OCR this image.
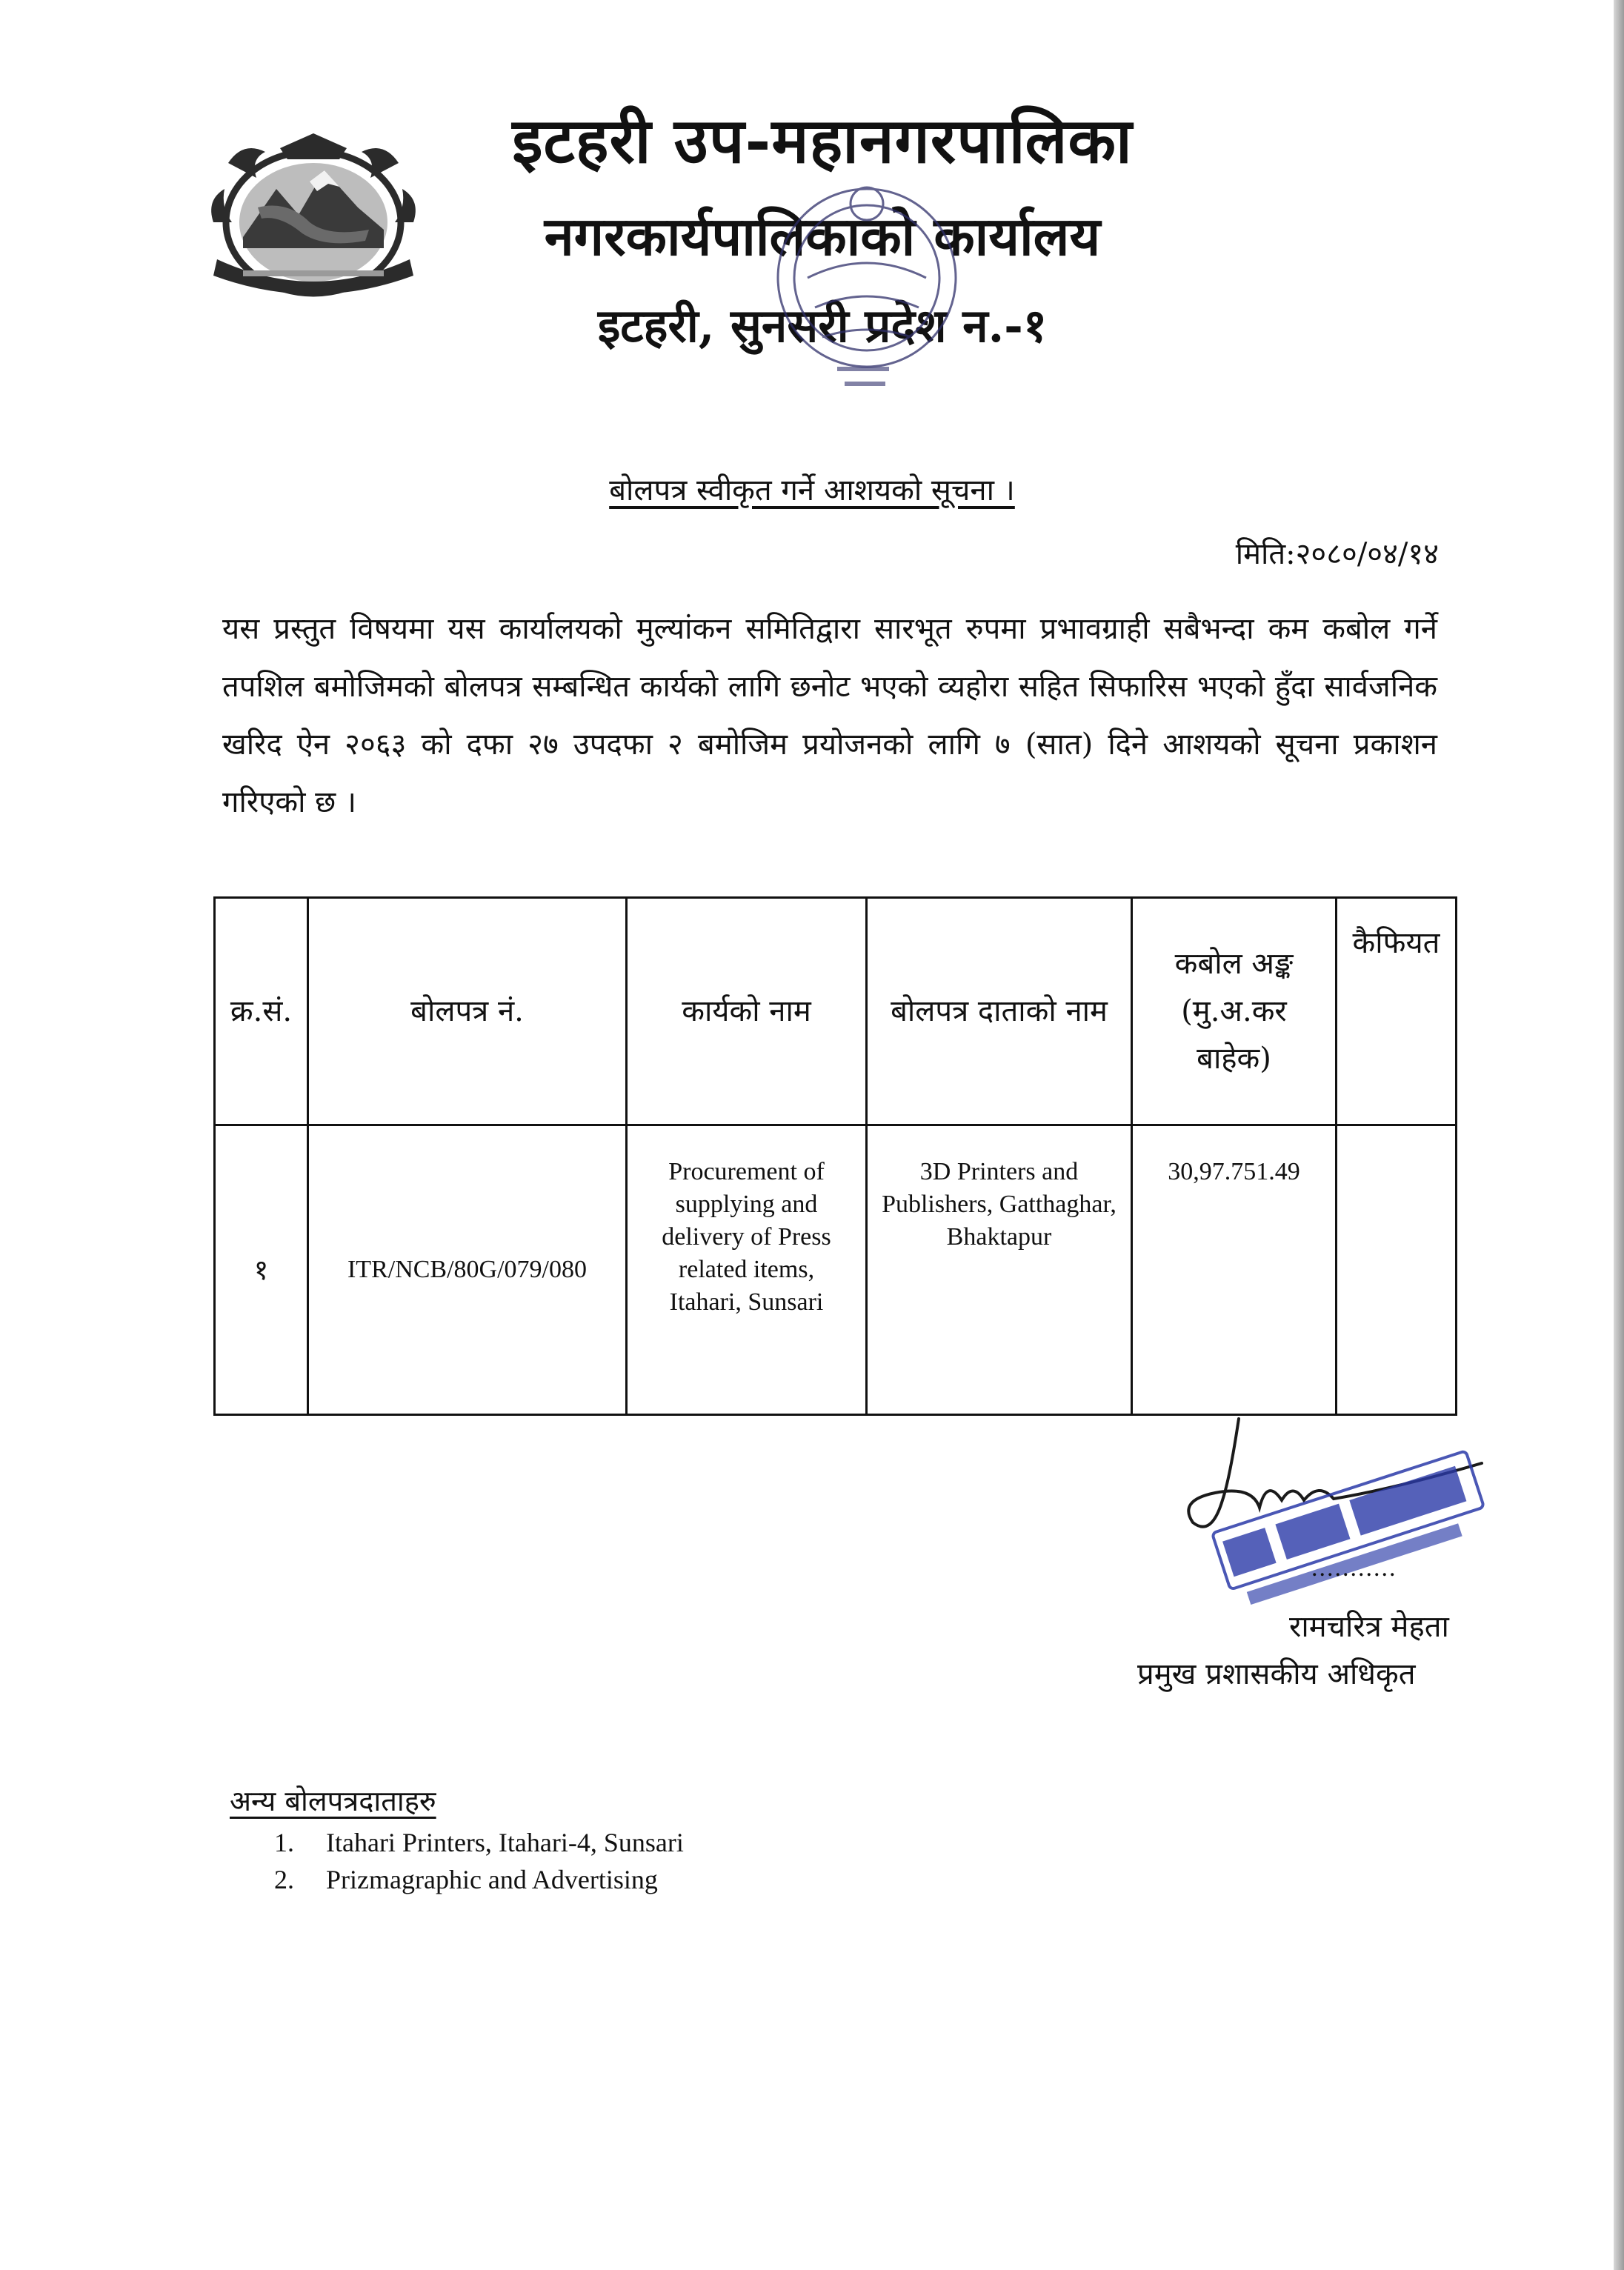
इटहरी उप-महानगरपालिका
नगरकार्यपालिकाको कार्यालय
इटहरी, सुनसरी प्रदेश न.-१
बोलपत्र स्वीकृत गर्ने आशयको सूचना ।
मिति:२०८०/०४/१४
यस प्रस्तुत विषयमा यस कार्यालयको मुल्यांकन समितिद्वारा सारभूत रुपमा प्रभावग्राही सबैभन्दा कम कबोल गर्ने तपशिल बमोजिमको बोलपत्र सम्बन्धित कार्यको लागि छनोट भएको व्यहोरा सहित सिफारिस भएको हुँदा सार्वजनिक खरिद ऐन २०६३ को दफा २७ उपदफा २ बमोजिम प्रयोजनको लागि ७ (सात) दिने आशयको सूचना प्रकाशन गरिएको छ ।
क्र.सं.	बोलपत्र नं.	कार्यको नाम	बोलपत्र दाताको नाम	कबोल अङ्क (मु.अ.कर बाहेक)	कैफियत
१	ITR/NCB/80G/079/080	Procurement of supplying and delivery of Press related items, Itahari, Sunsari	3D Printers and Publishers, Gatthaghar, Bhaktapur	30,97.751.49	
...........
रामचरित्र मेहता
प्रमुख प्रशासकीय अधिकृत
अन्य बोलपत्रदाताहरु
1. Itahari Printers, Itahari-4, Sunsari
2. Prizmagraphic and Advertising
